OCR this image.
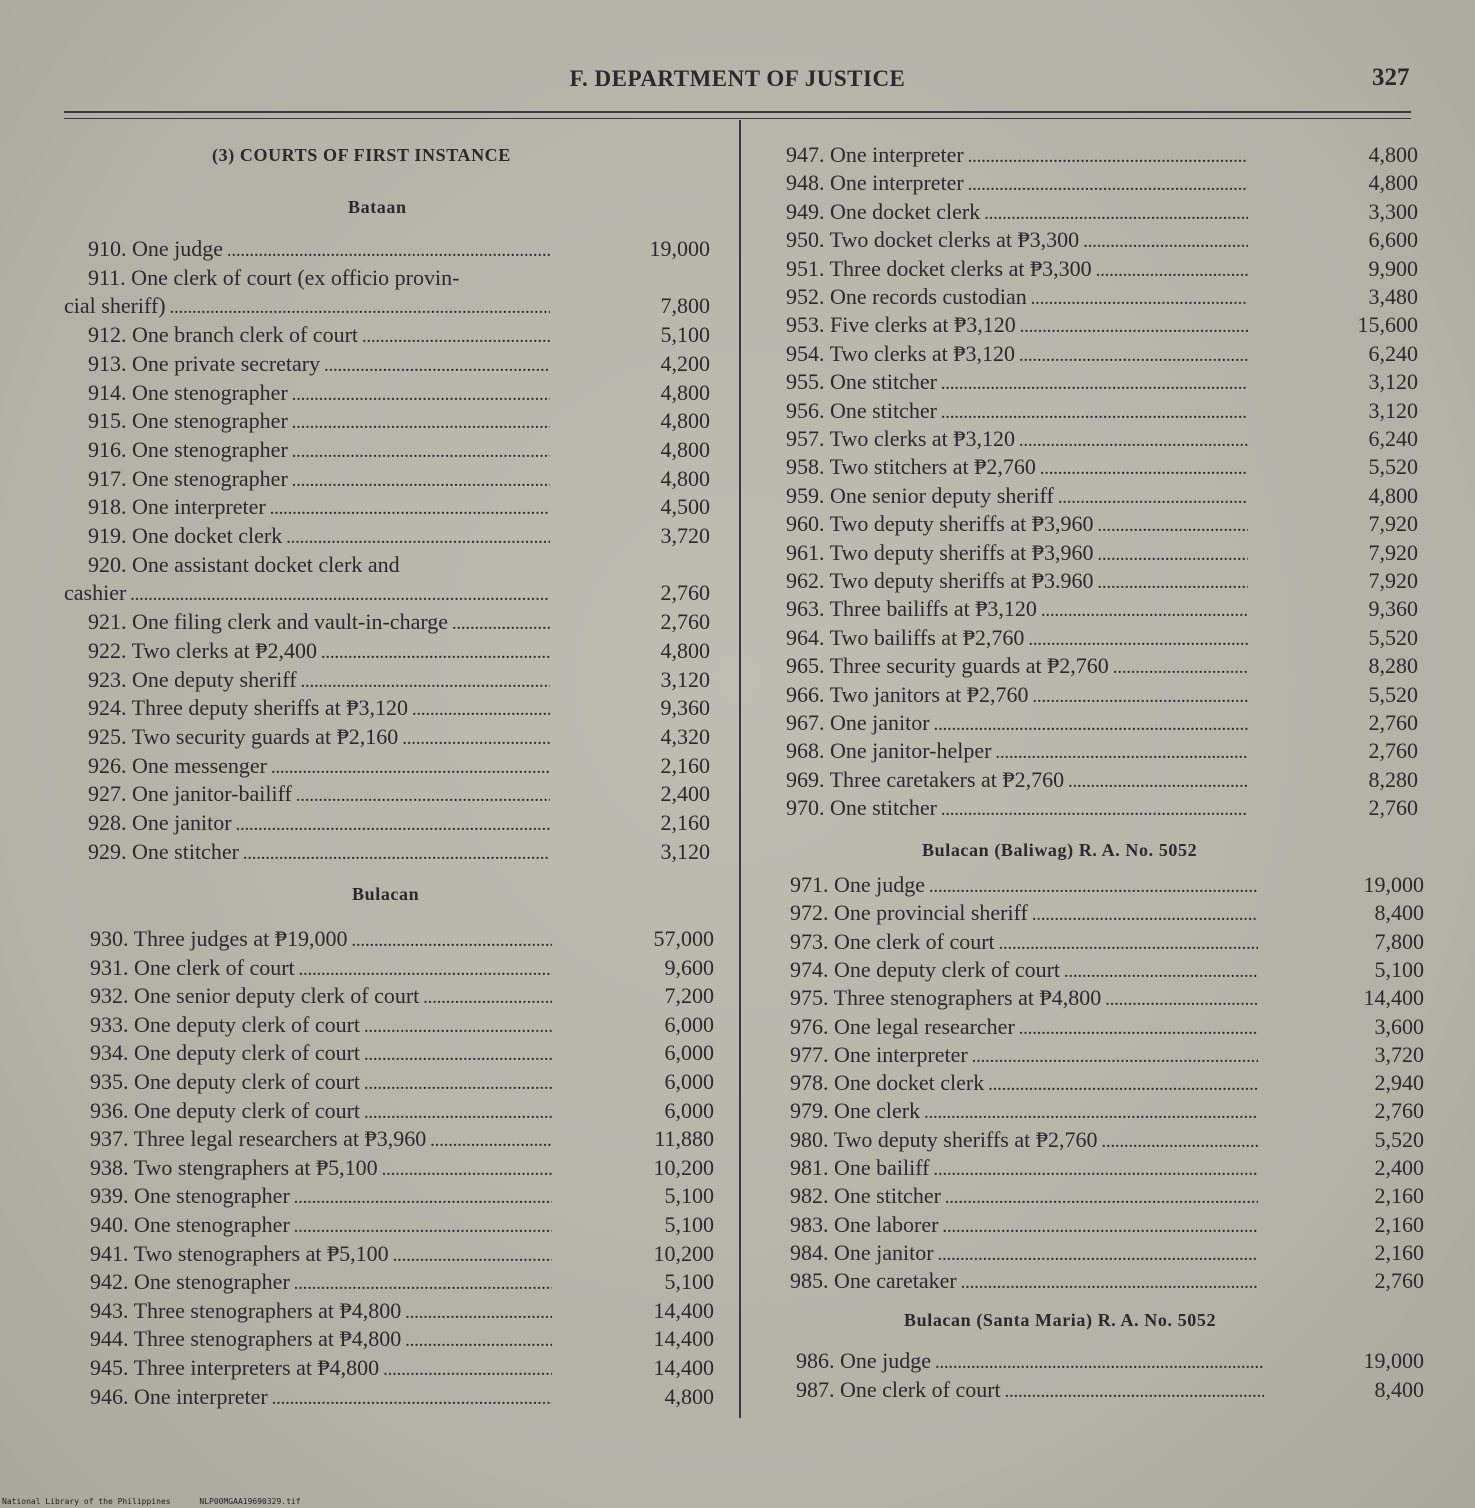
F. DEPARTMENT OF JUSTICE	327
(3) COURTS OF FIRST INSTANCE
Bataan
910. One judge .....	19,000
911. One clerk of court (ex officio provin-
cial sheriff) .....	7,800
912. One branch clerk of court .....	5,100
913. One private secretary .....	4,200
914. One stenographer .....	4,800
915. One stenographer .....	4,800
916. One stenographer .....	4,800
917. One stenographer .....	4,800
918. One interpreter .....	4,500
919. One docket clerk .....	3,720
920. One assistant docket clerk and
cashier .....	2,760
921. One filing clerk and vault-in-charge .....	2,760
922. Two clerks at ₱2,400 .....	4,800
923. One deputy sheriff .....	3,120
924. Three deputy sheriffs at ₱3,120 .....	9,360
925. Two security guards at ₱2,160 .....	4,320
926. One messenger .....	2,160
927. One janitor-bailiff .....	2,400
928. One janitor .....	2,160
929. One stitcher .....	3,120
Bulacan
930. Three judges at ₱19,000 .....	57,000
931. One clerk of court .....	9,600
932. One senior deputy clerk of court .....	7,200
933. One deputy clerk of court .....	6,000
934. One deputy clerk of court .....	6,000
935. One deputy clerk of court .....	6,000
936. One deputy clerk of court .....	6,000
937. Three legal researchers at ₱3,960 .....	11,880
938. Two stengraphers at ₱5,100 .....	10,200
939. One stenographer .....	5,100
940. One stenographer .....	5,100
941. Two stenographers at ₱5,100 .....	10,200
942. One stenographer .....	5,100
943. Three stenographers at ₱4,800 .....	14,400
944. Three stenographers at ₱4,800 .....	14,400
945. Three interpreters at ₱4,800 .....	14,400
946. One interpreter .....	4,800
947. One interpreter .....	4,800
948. One interpreter .....	4,800
949. One docket clerk .....	3,300
950. Two docket clerks at ₱3,300 .....	6,600
951. Three docket clerks at ₱3,300 .....	9,900
952. One records custodian .....	3,480
953. Five clerks at ₱3,120 .....	15,600
954. Two clerks at ₱3,120 .....	6,240
955. One stitcher .....	3,120
956. One stitcher .....	3,120
957. Two clerks at ₱3,120 .....	6,240
958. Two stitchers at ₱2,760 .....	5,520
959. One senior deputy sheriff .....	4,800
960. Two deputy sheriffs at ₱3,960 .....	7,920
961. Two deputy sheriffs at ₱3,960 .....	7,920
962. Two deputy sheriffs at ₱3.960 .....	7,920
963. Three bailiffs at ₱3,120 .....	9,360
964. Two bailiffs at ₱2,760 .....	5,520
965. Three security guards at ₱2,760 .....	8,280
966. Two janitors at ₱2,760 .....	5,520
967. One janitor .....	2,760
968. One janitor-helper .....	2,760
969. Three caretakers at ₱2,760 .....	8,280
970. One stitcher .....	2,760
Bulacan (Baliwag) R. A. No. 5052
971. One judge .....	19,000
972. One provincial sheriff .....	8,400
973. One clerk of court .....	7,800
974. One deputy clerk of court .....	5,100
975. Three stenographers at ₱4,800 .....	14,400
976. One legal researcher .....	3,600
977. One interpreter .....	3,720
978. One docket clerk .....	2,940
979. One clerk .....	2,760
980. Two deputy sheriffs at ₱2,760 .....	5,520
981. One bailiff .....	2,400
982. One stitcher .....	2,160
983. One laborer .....	2,160
984. One janitor .....	2,160
985. One caretaker .....	2,760
Bulacan (Santa Maria) R. A. No. 5052
986. One judge .....	19,000
987. One clerk of court .....	8,400
National Library of the Philippines	NLP00MGAA19690329.tif
